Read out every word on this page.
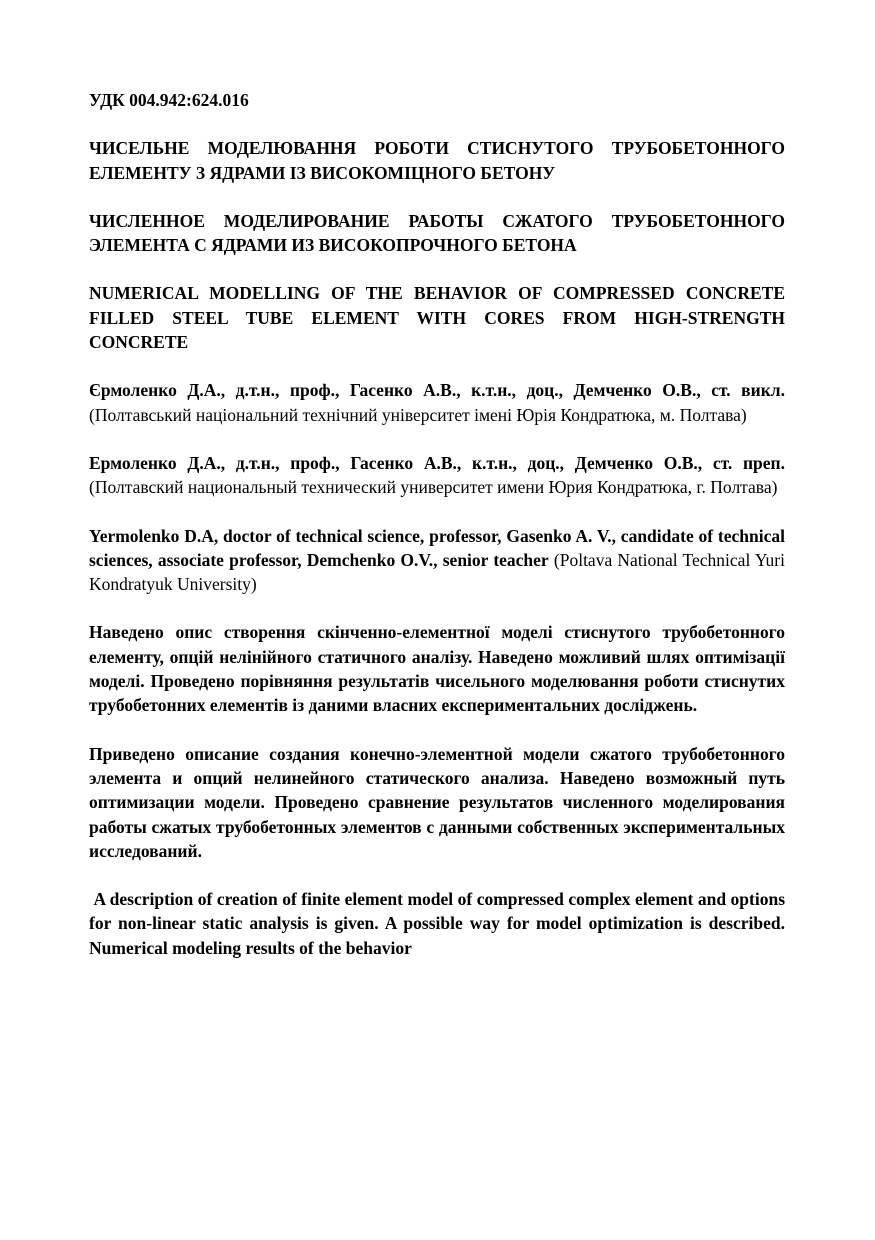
УДК 004.942:624.016

ЧИСЕЛЬНЕ МОДЕЛЮВАННЯ РОБОТИ СТИСНУТОГО ТРУБОБЕТОННОГО ЕЛЕМЕНТУ З ЯДРАМИ ІЗ ВИСОКОМІЦНОГО БЕТОНУ

ЧИСЛЕННОЕ МОДЕЛИРОВАНИЕ РАБОТЫ СЖАТОГО ТРУБОБЕТОННОГО ЭЛЕМЕНТА С ЯДРАМИ ИЗ ВИСОКОПРОЧНОГО БЕТОНА

NUMERICAL MODELLING OF THE BEHAVIOR OF COMPRESSED CONCRETE FILLED STEEL TUBE ELEMENT WITH CORES FROM HIGH-STRENGTH CONCRETE

Єрмоленко Д.А., д.т.н., проф., Гасенко А.В., к.т.н., доц., Демченко О.В., ст. викл. (Полтавський національний технічний університет імені Юрія Кондратюка, м. Полтава)

Ермоленко Д.А., д.т.н., проф., Гасенко А.В., к.т.н., доц., Демченко О.В., ст. преп. (Полтавский национальный технический университет имени Юрия Кондратюка, г. Полтава)

Yermolenko D.A, doctor of technical science, professor, Gasenko A. V., candidate of technical sciences, associate professor, Demchenko O.V., senior teacher (Poltava National Technical Yuri Kondratyuk University)

Наведено опис створення скінченно-елементної моделі стиснутого трубобетонного елементу, опцій нелінійного статичного аналізу. Наведено можливий шлях оптимізації моделі. Проведено порівняння результатів чисельного моделювання роботи стиснутих трубобетонних елементів із даними власних експериментальних досліджень.

Приведено описание создания конечно-элементной модели сжатого трубобетонного элемента и опций нелинейного статического анализа. Наведено возможный путь оптимизации модели. Проведено сравнение результатов численного моделирования работы сжатых трубобетонных элементов с данными собственных экспериментальных исследований.

A description of creation of finite element model of compressed complex element and options for non-linear static analysis is given. A possible way for model optimization is described. Numerical modeling results of the behavior
